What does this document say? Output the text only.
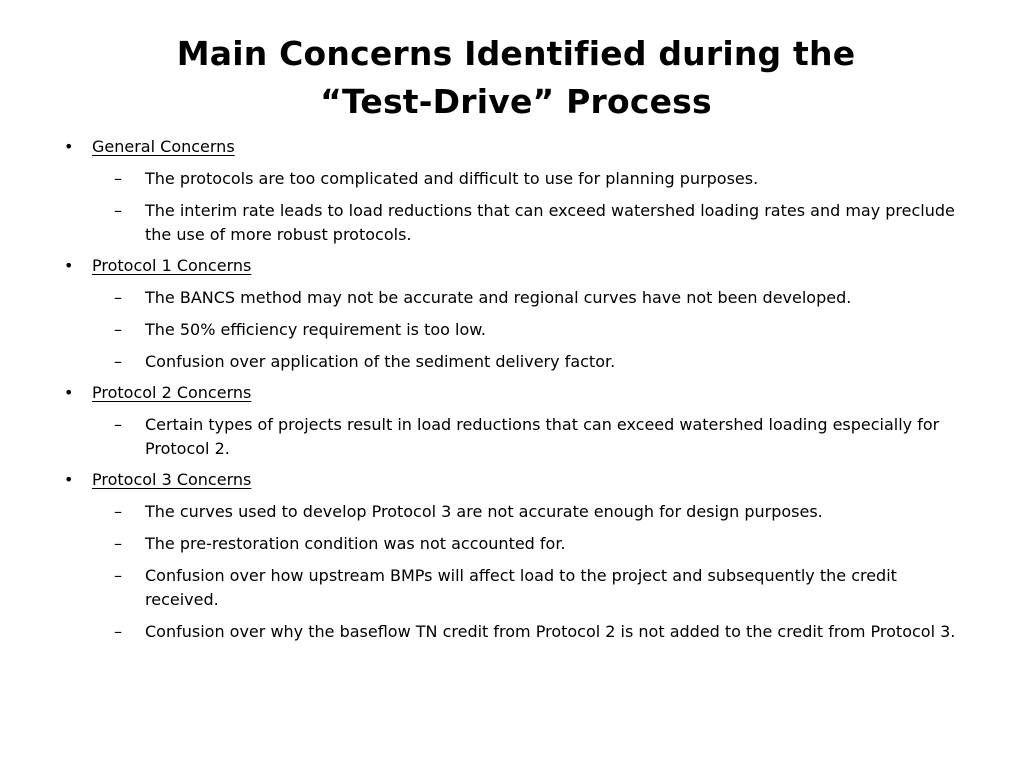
Main Concerns Identified during the
“Test-Drive” Process
• General Concerns
– The protocols are too complicated and difficult to use for planning purposes.
– The interim rate leads to load reductions that can exceed watershed loading rates and may preclude the use of more robust protocols.
• Protocol 1 Concerns
– The BANCS method may not be accurate and regional curves have not been developed.
– The 50% efficiency requirement is too low.
– Confusion over application of the sediment delivery factor.
• Protocol 2 Concerns
– Certain types of projects result in load reductions that can exceed watershed loading especially for Protocol 2.
• Protocol 3 Concerns
– The curves used to develop Protocol 3 are not accurate enough for design purposes.
– The pre-restoration condition was not accounted for.
– Confusion over how upstream BMPs will affect load to the project and subsequently the credit received.
– Confusion over why the baseflow TN credit from Protocol 2 is not added to the credit from Protocol 3.
